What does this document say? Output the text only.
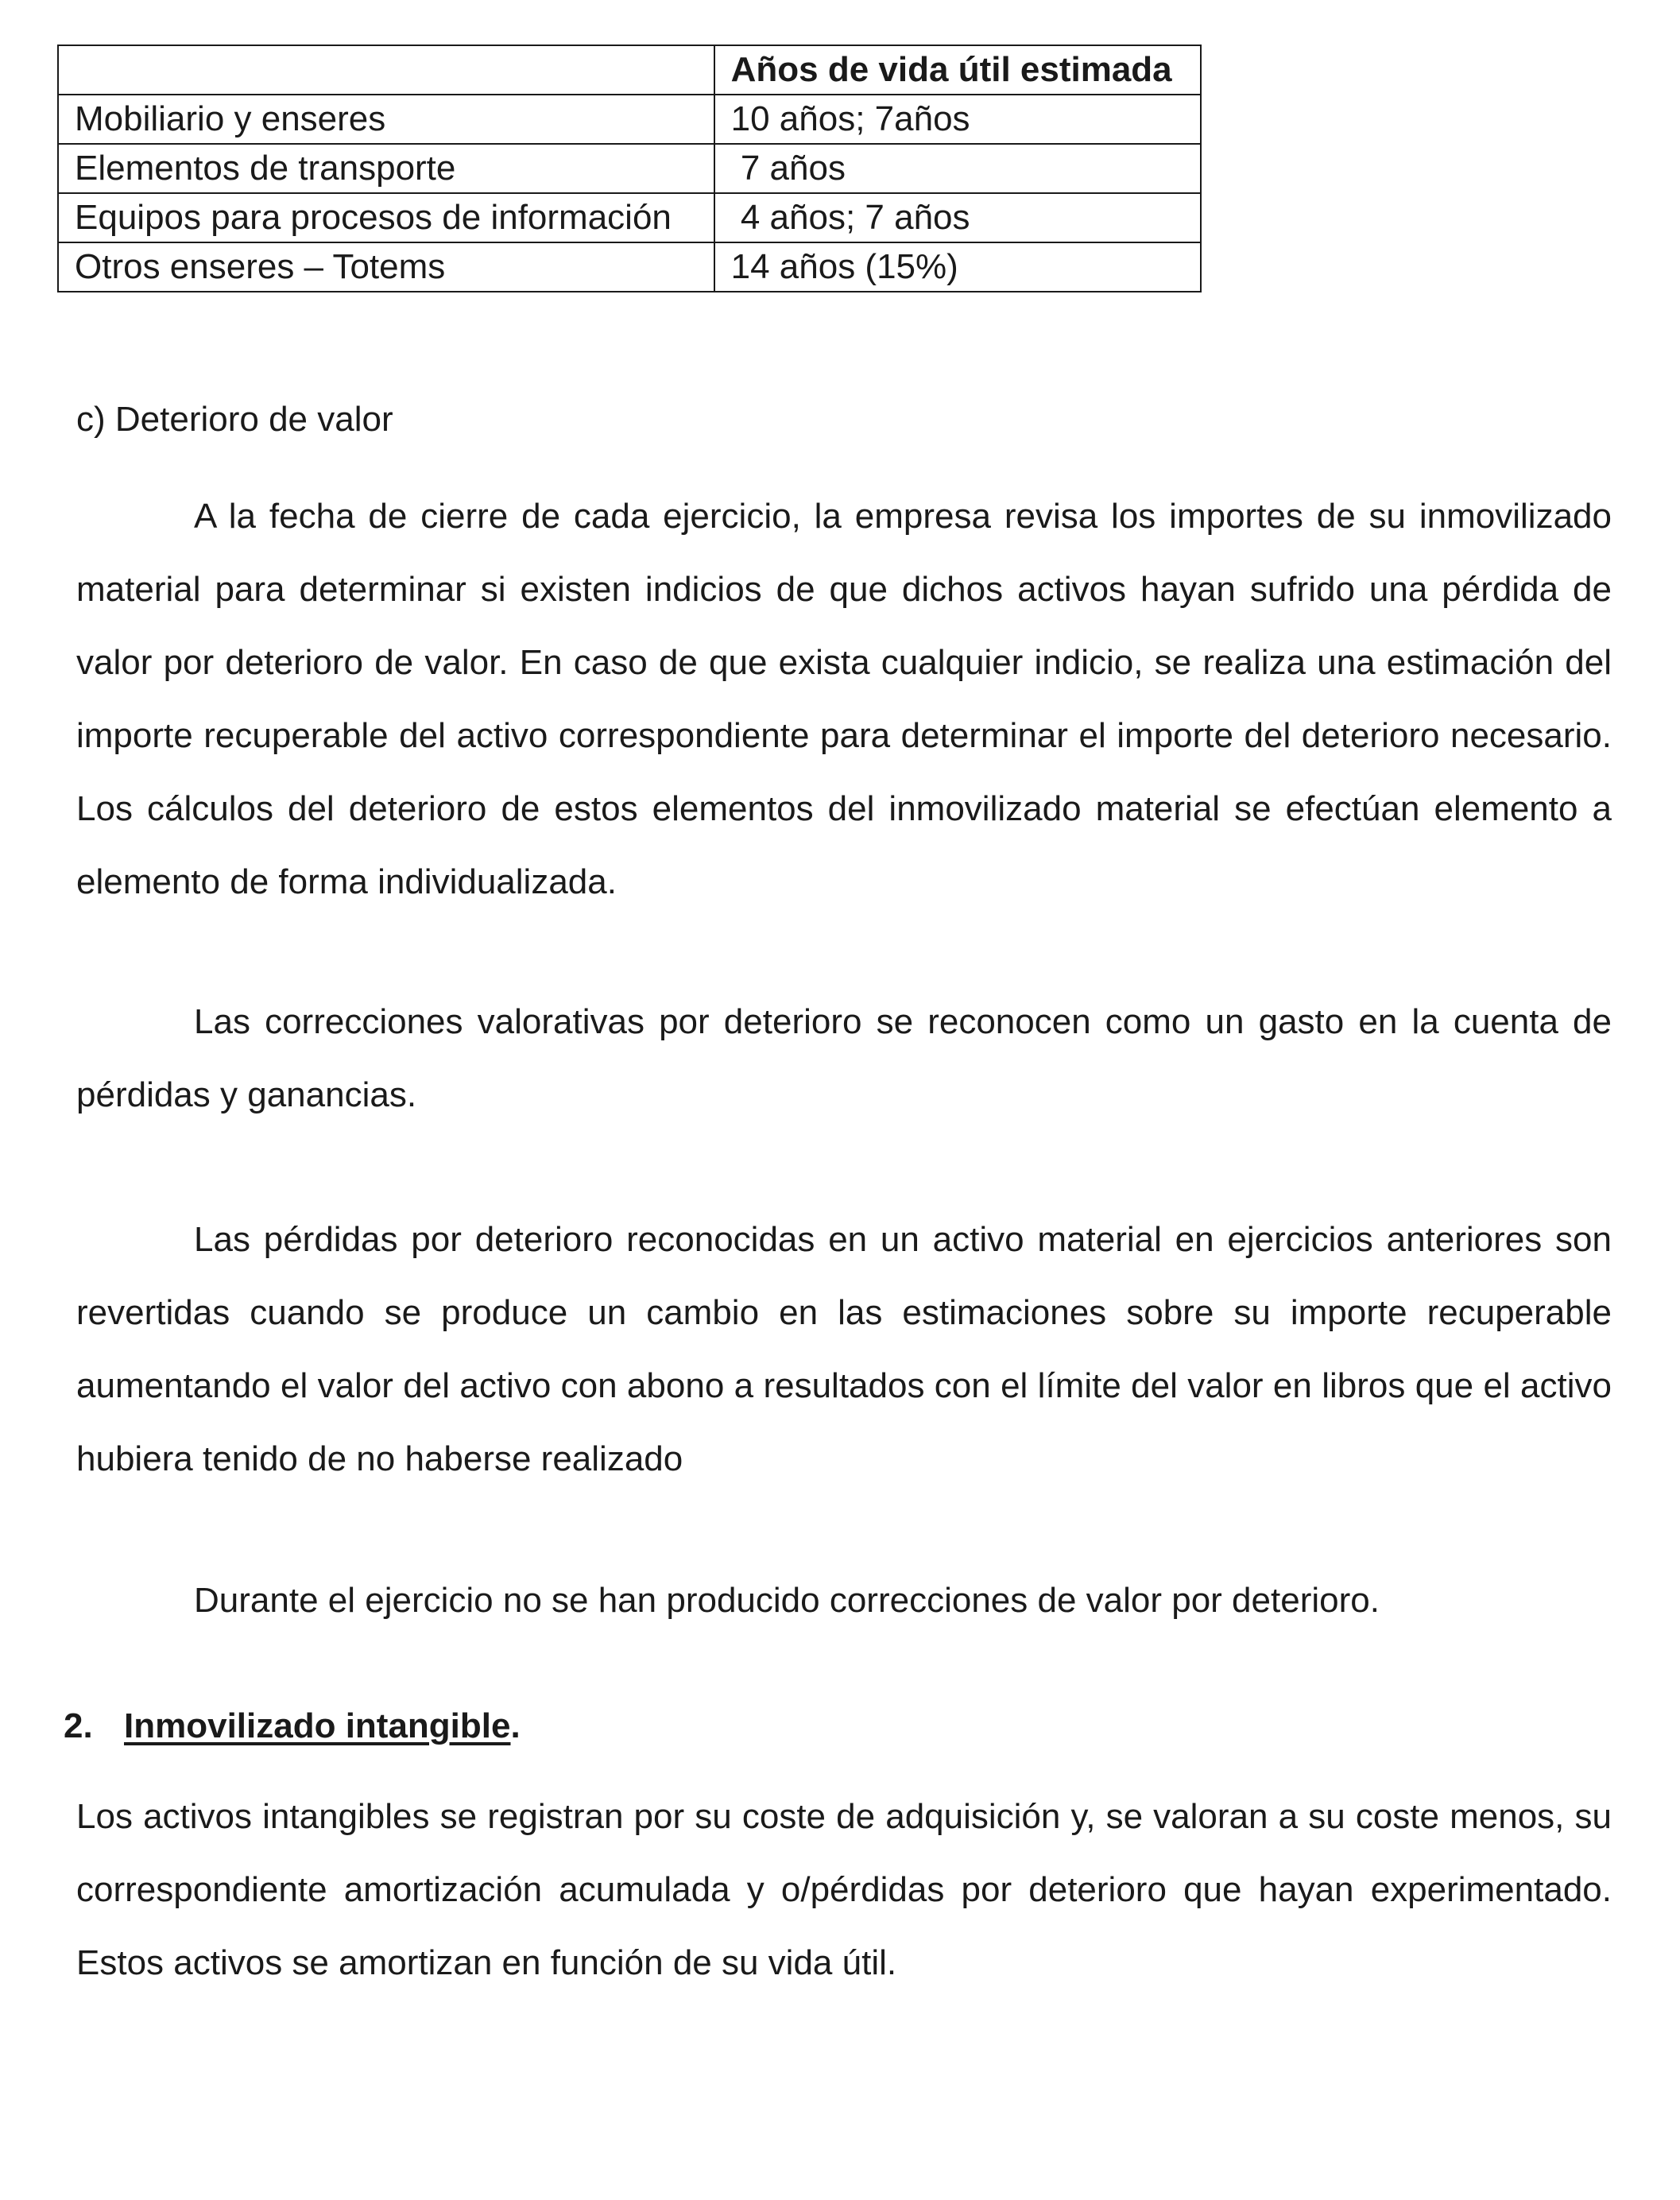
	Años de vida útil estimada
Mobiliario y enseres	10 años; 7años
Elementos de transporte	7 años
Equipos para procesos de información	4 años; 7 años
Otros enseres – Totems	14 años (15%)

c) Deterioro de valor

A la fecha de cierre de cada ejercicio, la empresa revisa los importes de su inmovilizado material para determinar si existen indicios de que dichos activos hayan sufrido una pérdida de valor por deterioro de valor. En caso de que exista cualquier indicio, se realiza una estimación del importe recuperable del activo correspondiente para determinar el importe del deterioro necesario. Los cálculos del deterioro de estos elementos del inmovilizado material se efectúan elemento a elemento de forma individualizada.

Las correcciones valorativas por deterioro se reconocen como un gasto en la cuenta de pérdidas y ganancias.

Las pérdidas por deterioro reconocidas en un activo material en ejercicios anteriores son revertidas cuando se produce un cambio en las estimaciones sobre su importe recuperable aumentando el valor del activo con abono a resultados con el límite del valor en libros que el activo hubiera tenido de no haberse realizado

Durante el ejercicio no se han producido correcciones de valor por deterioro.

2. Inmovilizado intangible.

Los activos intangibles se registran por su coste de adquisición y, se valoran a su coste menos, su correspondiente amortización acumulada y o/pérdidas por deterioro que hayan experimentado. Estos activos se amortizan en función de su vida útil.
